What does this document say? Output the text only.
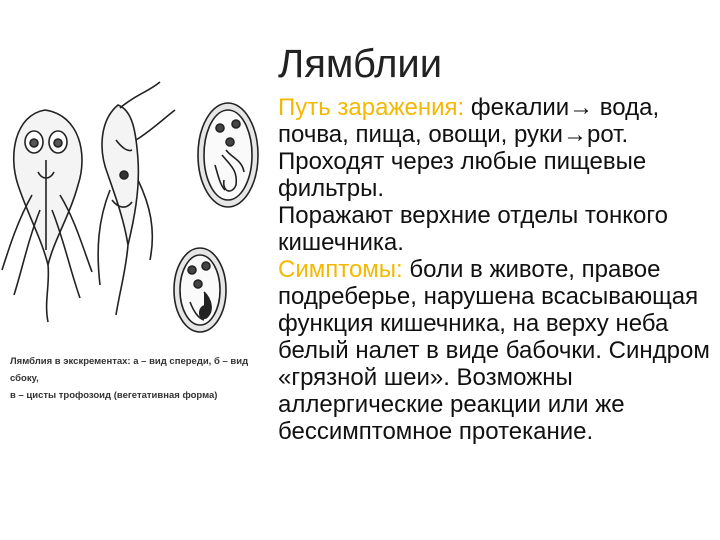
Лямблия в экскрементах: а – вид спереди, б – вид сбоку,
в – цисты трофозоид (вегетативная форма)
Лямблии

Путь заражения: фекалии→ вода, почва, пища, овощи, руки→рот. Проходят через любые пищевые фильтры.

Поражают верхние отделы тонкого кишечника.

Симптомы: боли в животе, правое подреберье, нарушена всасывающая функция кишечника, на верху неба белый налет в виде бабочки. Синдром «грязной шеи». Возможны аллергические реакции или же бессимптомное протекание.
